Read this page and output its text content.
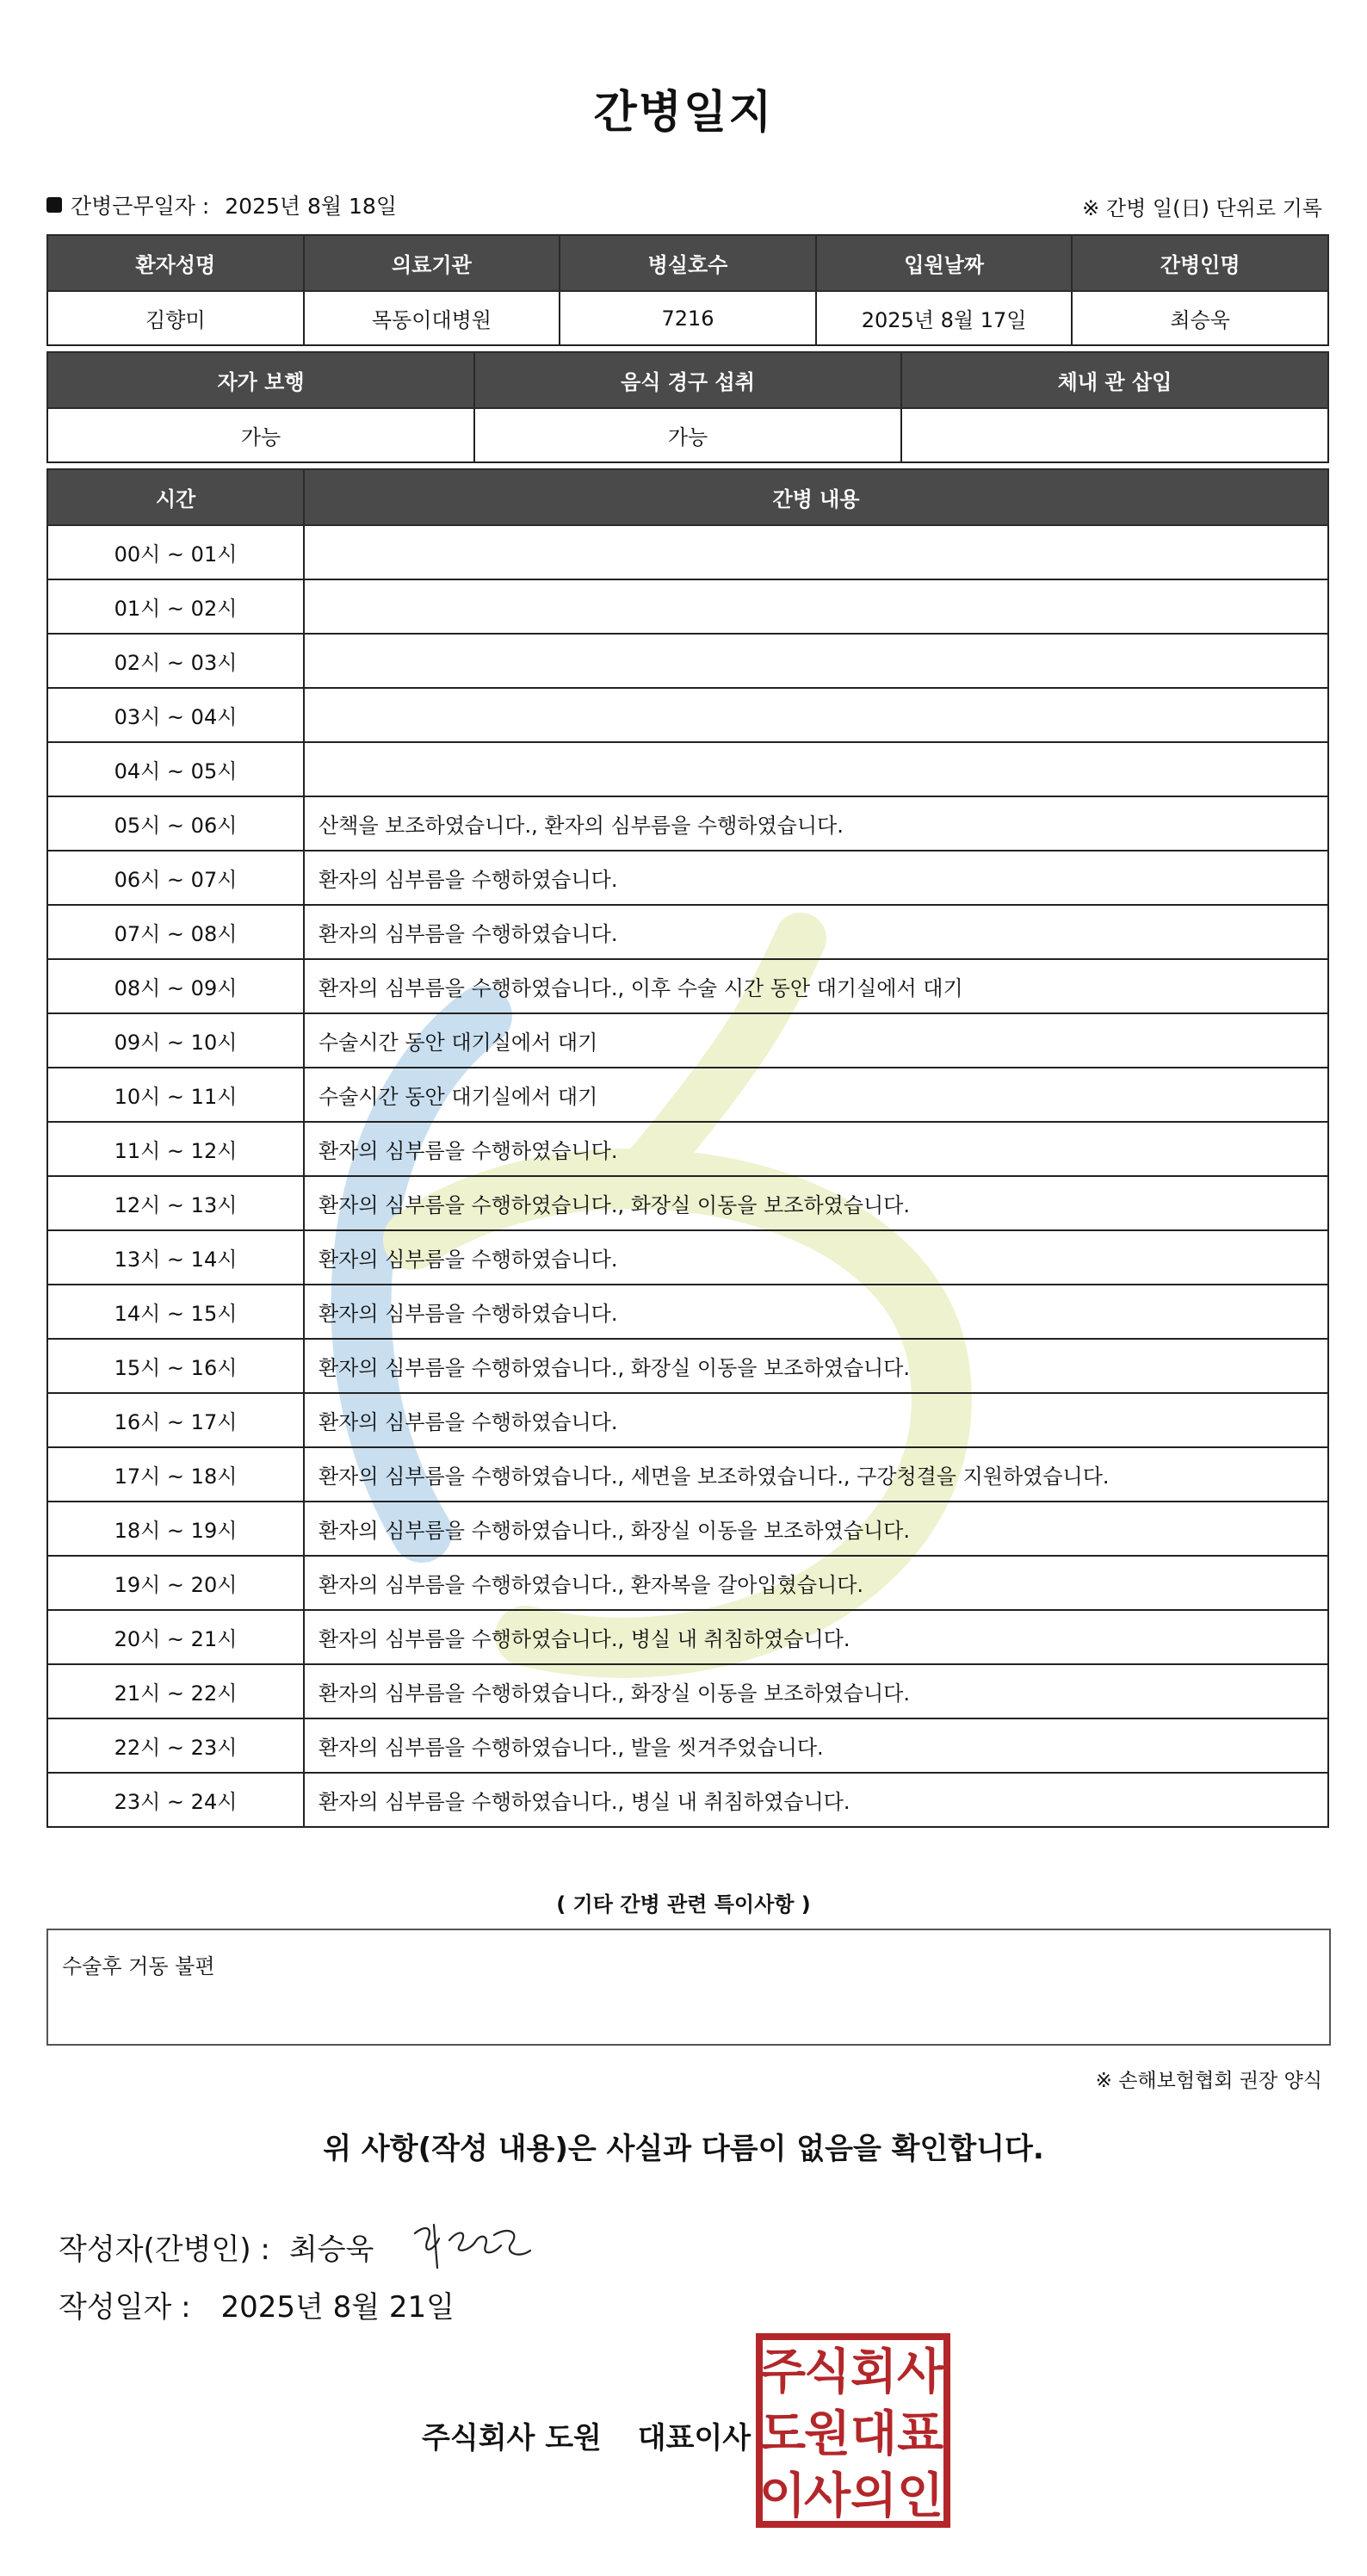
간병일지
간병근무일자 : 2025년 8월 18일	※ 간병 일(日) 단위로 기록
환자성명	의료기관	병실호수	입원날짜	간병인명
김향미	목동이대병원	7216	2025년 8월 17일	최승욱
자가 보행	음식 경구 섭취	체내 관 삽입
가능	가능	
시간	간병 내용
00시 ~ 01시	
01시 ~ 02시	
02시 ~ 03시	
03시 ~ 04시	
04시 ~ 05시	
05시 ~ 06시	산책을 보조하였습니다., 환자의 심부름을 수행하였습니다.
06시 ~ 07시	환자의 심부름을 수행하였습니다.
07시 ~ 08시	환자의 심부름을 수행하였습니다.
08시 ~ 09시	환자의 심부름을 수행하였습니다., 이후 수술 시간 동안 대기실에서 대기
09시 ~ 10시	수술시간 동안 대기실에서 대기
10시 ~ 11시	수술시간 동안 대기실에서 대기
11시 ~ 12시	환자의 심부름을 수행하였습니다.
12시 ~ 13시	환자의 심부름을 수행하였습니다., 화장실 이동을 보조하였습니다.
13시 ~ 14시	환자의 심부름을 수행하였습니다.
14시 ~ 15시	환자의 심부름을 수행하였습니다.
15시 ~ 16시	환자의 심부름을 수행하였습니다., 화장실 이동을 보조하였습니다.
16시 ~ 17시	환자의 심부름을 수행하였습니다.
17시 ~ 18시	환자의 심부름을 수행하였습니다., 세면을 보조하였습니다., 구강청결을 지원하였습니다.
18시 ~ 19시	환자의 심부름을 수행하였습니다., 화장실 이동을 보조하였습니다.
19시 ~ 20시	환자의 심부름을 수행하였습니다., 환자복을 갈아입혔습니다.
20시 ~ 21시	환자의 심부름을 수행하였습니다., 병실 내 취침하였습니다.
21시 ~ 22시	환자의 심부름을 수행하였습니다., 화장실 이동을 보조하였습니다.
22시 ~ 23시	환자의 심부름을 수행하였습니다., 발을 씻겨주었습니다.
23시 ~ 24시	환자의 심부름을 수행하였습니다., 병실 내 취침하였습니다.
( 기타 간병 관련 특이사항 )
수술후 거동 불편
※ 손해보험협회 권장 양식
위 사항(작성 내용)은 사실과 다름이 없음을 확인합니다.
작성자(간병인) : 최승욱
작성일자 : 2025년 8월 21일
주식회사 도원 대표이사
주
식 회 사
도
원 대 표
이
사 의 인
